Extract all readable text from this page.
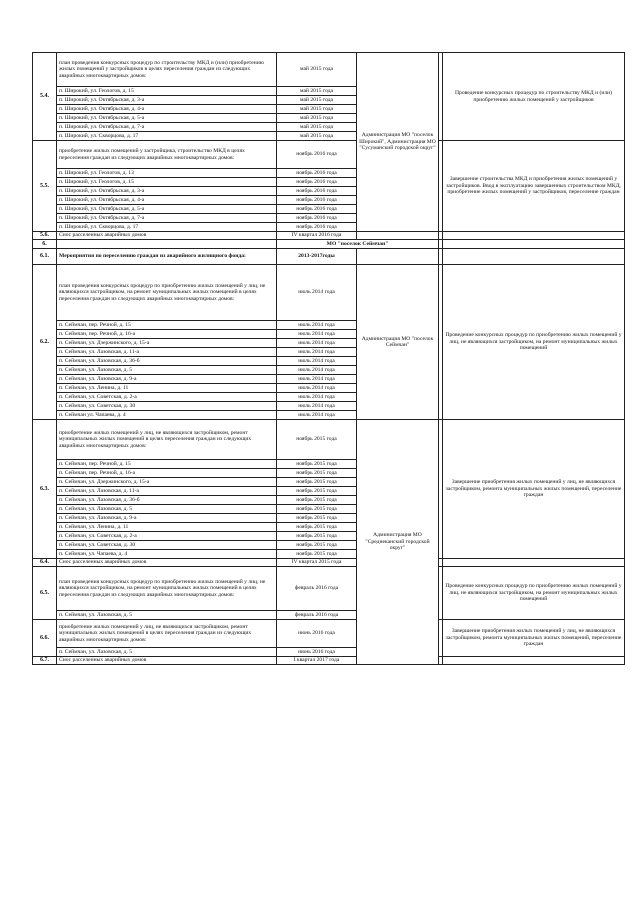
5.4.	план проведения конкурсных процедур по строительству МКД и (или) приобретению жилых помещений у застройщиков в целях переселения граждан из следующих аварийных многоквартирных домов:	май 2015 года	Администрация МО "поселок Широкий", Администрация МО "Сусуманский городской округ"		Проведение конкурсных процедур по строительству МКД и (или) приобретению жилых помещений у застройщиков
	п. Широкий, ул. Геологов, д. 15	май 2015 года			
	п. Широкий, ул. Октябрьская, д. 3-а	май 2015 года			
	п. Широкий, ул. Октябрьская, д. 4-а	май 2015 года			
	п. Широкий, ул. Октябрьская, д. 5-а	май 2015 года			
	п. Широкий, ул. Октябрьская, д. 7-а	май 2015 года			
	п. Широкий, ул. Скворцова, д. 17	май 2015 года			
5.5.	приобретение жилых помещений у застройщика, строительство МКД в целях переселения граждан из следующих аварийных многоквартирных домов:	ноябрь 2016 года			Завершение строительства МКД и приобретения жилых помещений у застройщиков. Ввод в эксплуатацию завершенных строительством МКД, приобретение жилых помещений у застройщиков, переселение граждан
	п. Широкий, ул. Геологов, д. 13	ноябрь 2016 года			
	п. Широкий, ул. Геологов, д. 15	ноябрь 2016 года			
	п. Широкий, ул. Октябрьская, д. 3-а	ноябрь 2016 года			
	п. Широкий, ул. Октябрьская, д. 4-а	ноябрь 2016 года			
	п. Широкий, ул. Октябрьская, д. 5-а	ноябрь 2016 года			
	п. Широкий, ул. Октябрьская, д. 7-а	ноябрь 2016 года			
	п. Широкий, ул. Скворцова, д. 17	ноябрь 2016 года			
5.6.	Снос расселенных аварийных домов	IV квартал 2016 года			
6.		МО "поселок Сеймчан"			
6.1.	Мероприятия по переселению граждан из аварийного жилищного фонда:	2013-2017годы			
6.2.	план проведения конкурсных процедур по приобретению жилых помещений у лиц, не являющихся застройщиком, на ремонт муниципальных жилых помещений в целях переселения граждан из следующих аварийных многоквартирных домов:	июль 2014 года	Администрация МО "поселок Сеймчан"		Проведение конкурсных процедур по приобретению жилых помещений у лиц, не являющихся застройщиком, на ремонт муниципальных жилых помещений
	п. Сеймчан, пер. Речной, д. 15	июль 2014 года			
	п. Сеймчан, пер. Речной, д. 16-а	июль 2014 года			
	п. Сеймчан, ул. Дзержинского, д. 15-а	июль 2014 года			
	п. Сеймчан, ул. Лазовская, д. 11-а	июль 2014 года			
	п. Сеймчан, ул. Лазовская, д. 36-б	июль 2014 года			
	п. Сеймчан, ул. Лазовская, д. 5	июль 2014 года			
	п. Сеймчан, ул. Лазовская, д. 9-а	июль 2014 года			
	п. Сеймчан, ул. Ленина, д. 11	июль 2014 года			
	п. Сеймчан, ул. Советская, д. 2-а	июль 2014 года			
	п. Сеймчан, ул. Советская, д. 30	июль 2014 года			
	п. Сеймчан ул. Чапаева, д. 4	июль 2014 года			
6.3.	приобретение жилых помещений у лиц, не являющихся застройщиком, ремонт муниципальных жилых помещений в целях переселения граждан из следующих аварийных многоквартирных домов:	ноябрь 2015 года	Администрация МО "Среднеканский городской округ"		Завершение приобретения жилых помещений у лиц, не являющихся застройщиком, ремонта муниципальных жилых помещений, переселение граждан
	п. Сеймчан, пер. Речной, д. 15	ноябрь 2015 года			
	п. Сеймчан, пер. Речной, д. 16-а	ноябрь 2015 года			
	п. Сеймчан, ул. Дзержинского, д. 15-а	ноябрь 2015 года			
	п. Сеймчан, ул. Лазовская, д. 11-а	ноябрь 2015 года			
	п. Сеймчан, ул. Лазовская, д. 36-б	ноябрь 2015 года			
	п. Сеймчан, ул. Лазовская, д. 5	ноябрь 2015 года			
	п. Сеймчан, ул. Лазовская, д. 9-а	ноябрь 2015 года			
	п. Сеймчан, ул. Ленина, д. 11	ноябрь 2015 года			
	п. Сеймчан, ул. Советская, д. 2-а	ноябрь 2015 года			
	п. Сеймчан, ул. Советская, д. 30	ноябрь 2015 года			
	п. Сеймчан, ул. Чапаева, д. 4	ноябрь 2015 года			
6.4.	Снос расселенных аварийных домов	IV квартал 2015 года			
6.5.	план проведения конкурсных процедур по приобретению жилых помещений у лиц, не являющихся застройщиком, на ремонт муниципальных жилых помещений в целях переселения граждан из следующих аварийных многоквартирных домов:	февраль 2016 года			Проведение конкурсных процедур по приобретению жилых помещений у лиц, не являющихся застройщиком, на ремонт муниципальных жилых помещений
	п. Сеймчан, ул. Лазовская, д. 5	февраль 2016 года			
6.6.	приобретение жилых помещений у лиц, не являющихся застройщиком, ремонт муниципальных жилых помещений в целях переселения граждан из следующих аварийных многоквартирных домов:	июнь 2016 года			Завершение приобретения жилых помещений у лиц, не являющихся застройщиком, ремонта муниципальных жилых помещений, переселение граждан
	п. Сеймчан, ул. Лазовская, д. 5	июнь 2016 года			
6.7.	Снос расселенных аварийных домов	I квартал 2017 года			
